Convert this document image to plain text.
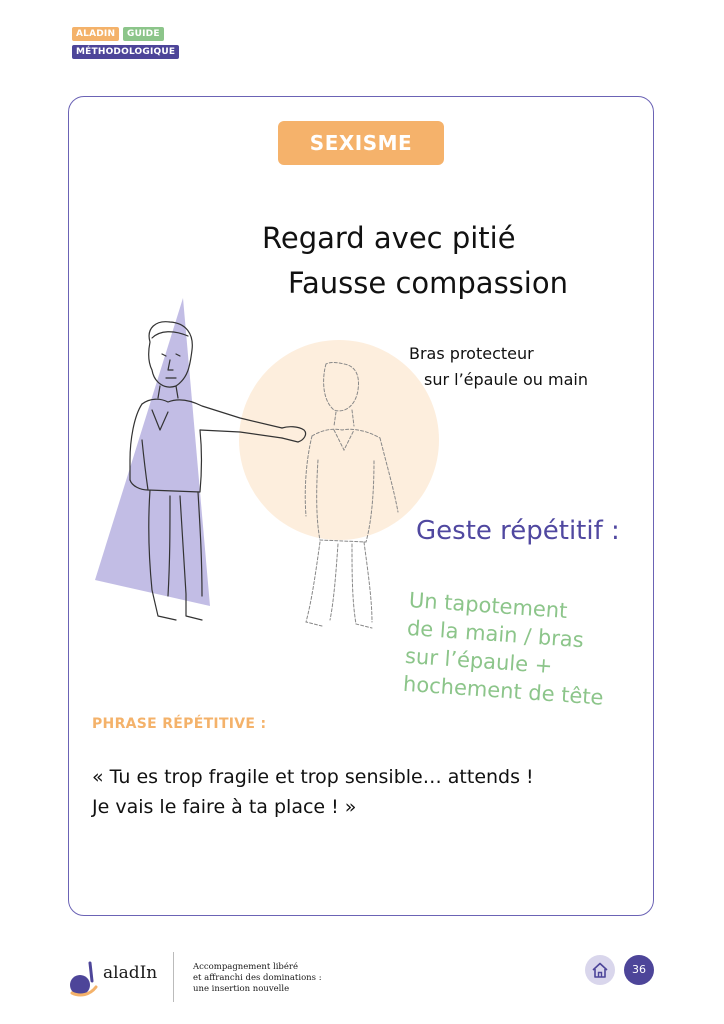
ALADIN	GUIDE
MÉTHODOLOGIQUE
SEXISME
Regard avec pitié
Fausse compassion
Bras protecteur
sur l’épaule ou main
Geste répétitif :
Un tapotement
de la main / bras
sur l’épaule +
hochement de tête
PHRASE RÉPÉTITIVE :
« Tu es trop fragile et trop sensible… attends !
Je vais le faire à ta place ! »
aladIn	Accompagnement libéré
et affranchi des dominations :
une insertion nouvelle
36
